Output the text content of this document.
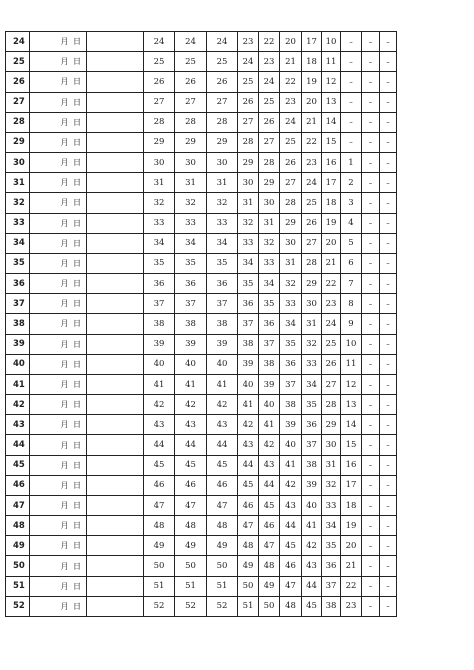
24	月 日		24	24	24	23	22	20	17	10	–	–	–
25	月 日		25	25	25	24	23	21	18	11	–	–	–
26	月 日		26	26	26	25	24	22	19	12	–	–	–
27	月 日		27	27	27	26	25	23	20	13	–	–	–
28	月 日		28	28	28	27	26	24	21	14	–	–	–
29	月 日		29	29	29	28	27	25	22	15	–	–	–
30	月 日		30	30	30	29	28	26	23	16	1	–	–
31	月 日		31	31	31	30	29	27	24	17	2	–	–
32	月 日		32	32	32	31	30	28	25	18	3	–	–
33	月 日		33	33	33	32	31	29	26	19	4	–	–
34	月 日		34	34	34	33	32	30	27	20	5	–	–
35	月 日		35	35	35	34	33	31	28	21	6	–	–
36	月 日		36	36	36	35	34	32	29	22	7	–	–
37	月 日		37	37	37	36	35	33	30	23	8	–	–
38	月 日		38	38	38	37	36	34	31	24	9	–	–
39	月 日		39	39	39	38	37	35	32	25	10	–	–
40	月 日		40	40	40	39	38	36	33	26	11	–	–
41	月 日		41	41	41	40	39	37	34	27	12	–	–
42	月 日		42	42	42	41	40	38	35	28	13	–	–
43	月 日		43	43	43	42	41	39	36	29	14	–	–
44	月 日		44	44	44	43	42	40	37	30	15	–	–
45	月 日		45	45	45	44	43	41	38	31	16	–	–
46	月 日		46	46	46	45	44	42	39	32	17	–	–
47	月 日		47	47	47	46	45	43	40	33	18	–	–
48	月 日		48	48	48	47	46	44	41	34	19	–	–
49	月 日		49	49	49	48	47	45	42	35	20	–	–
50	月 日		50	50	50	49	48	46	43	36	21	–	–
51	月 日		51	51	51	50	49	47	44	37	22	–	–
52	月 日		52	52	52	51	50	48	45	38	23	–	–
